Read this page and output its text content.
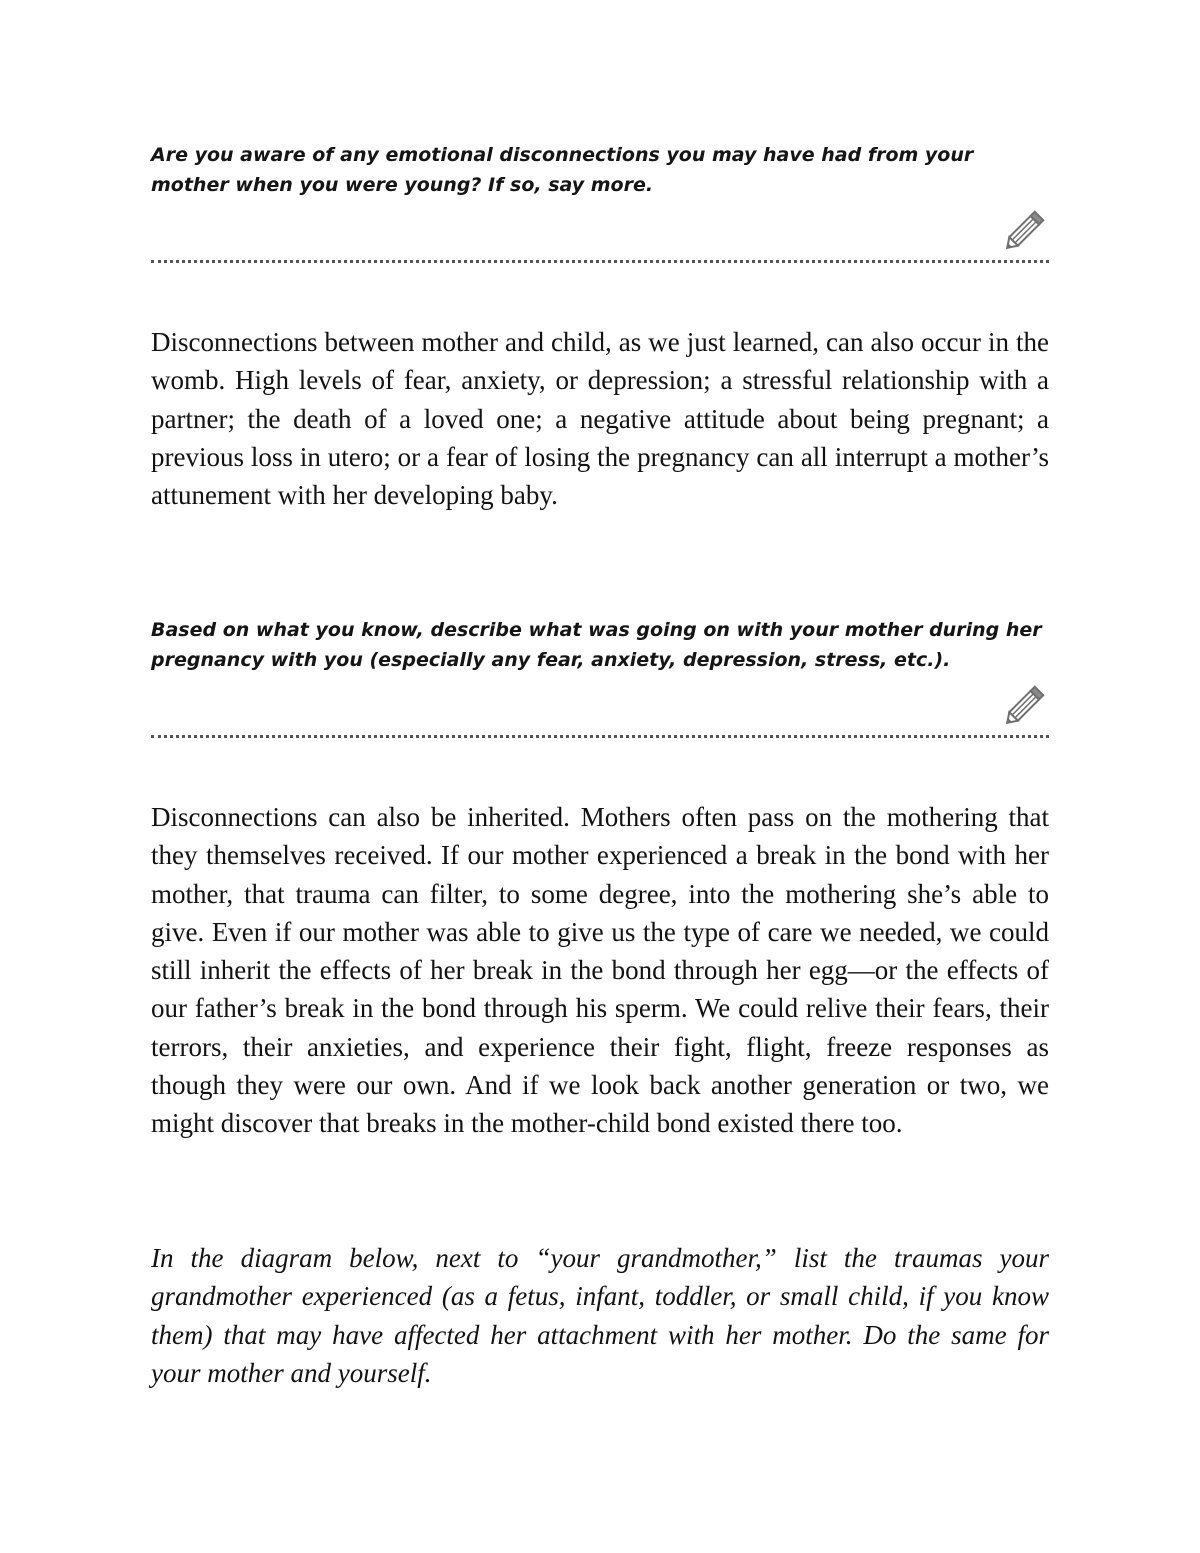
Are you aware of any emotional disconnections you may have had from your mother when you were young? If so, say more.

Disconnections between mother and child, as we just learned, can also occur in the womb. High levels of fear, anxiety, or depression; a stressful relationship with a partner; the death of a loved one; a negative attitude about being pregnant; a previous loss in utero; or a fear of losing the pregnancy can all interrupt a mother’s attunement with her developing baby.

Based on what you know, describe what was going on with your mother during her pregnancy with you (especially any fear, anxiety, depression, stress, etc.).

Disconnections can also be inherited. Mothers often pass on the mothering that they themselves received. If our mother experienced a break in the bond with her mother, that trauma can filter, to some degree, into the mothering she’s able to give. Even if our mother was able to give us the type of care we needed, we could still inherit the effects of her break in the bond through her egg—or the effects of our father’s break in the bond through his sperm. We could relive their fears, their terrors, their anxieties, and experience their fight, flight, freeze responses as though they were our own. And if we look back another generation or two, we might discover that breaks in the mother-child bond existed there too.

In the diagram below, next to “your grandmother,” list the traumas your grandmother experienced (as a fetus, infant, toddler, or small child, if you know them) that may have affected her attachment with her mother. Do the same for your mother and yourself.
